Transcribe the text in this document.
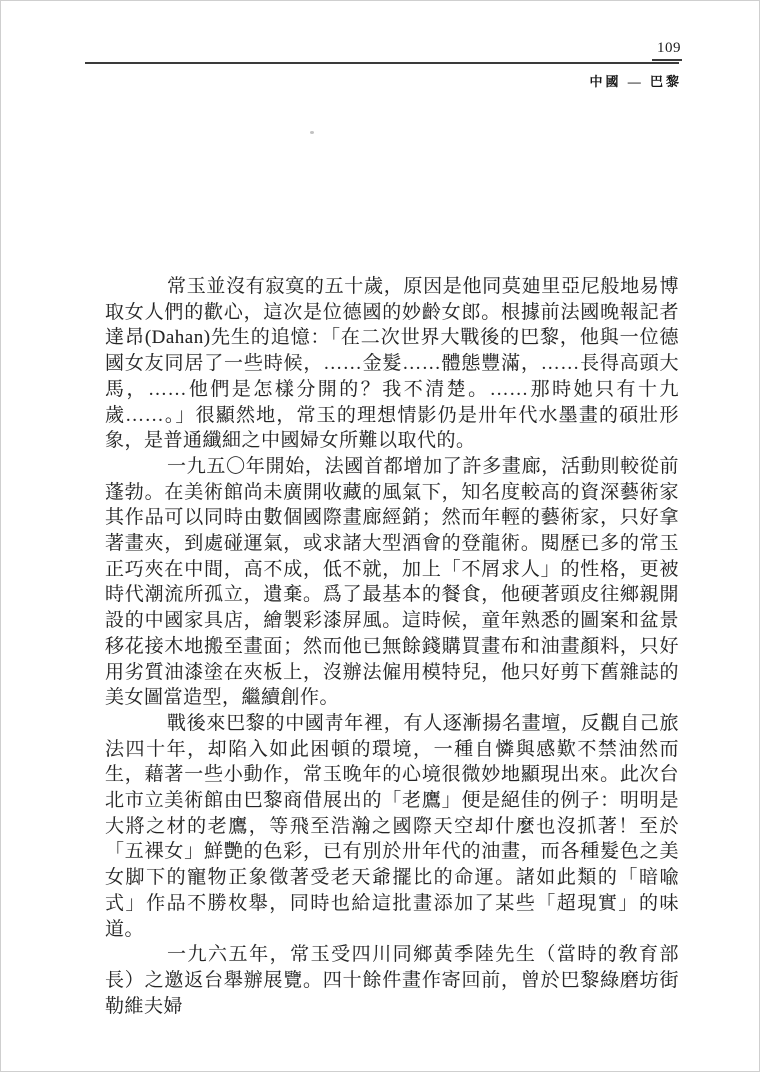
109
中國 — 巴黎

常玉並沒有寂寞的五十歲，原因是他同莫廸里亞尼般地易博取女人們的歡心，這次是位德國的妙齡女郎。根據前法國晚報記者達昂(Dahan)先生的追憶：「在二次世界大戰後的巴黎，他與一位德國女友同居了一些時候，……金髮……體態豐滿，……長得高頭大馬，……他們是怎樣分開的？我不清楚。……那時她只有十九歲……。」很顯然地，常玉的理想情影仍是卅年代水墨畫的碩壯形象，是普通纖細之中國婦女所難以取代的。

一九五〇年開始，法國首都增加了許多畫廊，活動則較從前蓬勃。在美術館尚未廣開收藏的風氣下，知名度較高的資深藝術家其作品可以同時由數個國際畫廊經銷；然而年輕的藝術家，只好拿著畫夾，到處碰運氣，或求諸大型酒會的登龍術。閱歷已多的常玉正巧夾在中間，高不成，低不就，加上「不屑求人」的性格，更被時代潮流所孤立，遺棄。爲了最基本的餐食，他硬著頭皮往鄉親開設的中國家具店，繪製彩漆屏風。這時候，童年熟悉的圖案和盆景移花接木地搬至畫面；然而他已無餘錢購買畫布和油畫顏料，只好用劣質油漆塗在夾板上，沒辦法僱用模特兒，他只好剪下舊雜誌的美女圖當造型，繼續創作。

戰後來巴黎的中國靑年裡，有人逐漸揚名畫壇，反觀自己旅法四十年，却陷入如此困頓的環境，一種自憐與感歎不禁油然而生，藉著一些小動作，常玉晚年的心境很微妙地顯現出來。此次台北市立美術館由巴黎商借展出的「老鷹」便是絕佳的例子：明明是大將之材的老鷹，等飛至浩瀚之國際天空却什麼也沒抓著！至於「五裸女」鮮艷的色彩，已有別於卅年代的油畫，而各種髮色之美女脚下的寵物正象徵著受老天爺擺比的命運。諸如此類的「暗喩式」作品不勝枚舉，同時也給這批畫添加了某些「超現實」的味道。

一九六五年，常玉受四川同鄉黃季陸先生（當時的敎育部長）之邀返台舉辦展覽。四十餘件畫作寄回前，曾於巴黎綠磨坊街勒維夫婦
